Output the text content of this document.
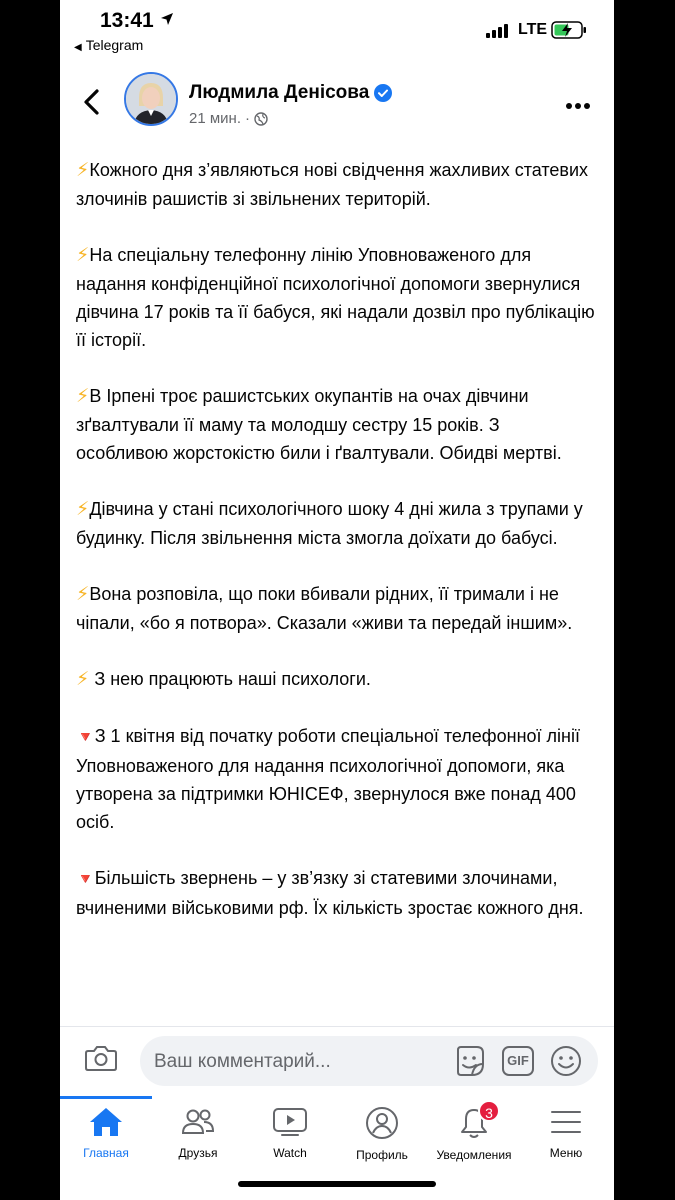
13:41
◀ Telegram
LTE
Людмила Денісова
21 мин. ·

⚡Кожного дня з’являються нові свідчення жахливих статевих злочинів рашистів зі звільнених територій.

⚡На спеціальну телефонну лінію Уповноваженого для надання конфіденційної психологічної допомоги звернулися дівчина 17 років та її бабуся, які надали дозвіл про публікацію її історії.

⚡В Ірпені троє рашистських окупантів на очах дівчини зґвалтували її маму та молодшу сестру 15 років. З особливою жорстокістю били і ґвалтували. Обидві мертві.

⚡Дівчина у стані психологічного шоку 4 дні жила з трупами у будинку. Після звільнення міста змогла доїхати до бабусі.

⚡Вона розповіла, що поки вбивали рідних, її тримали і не чіпали, «бо я потвора». Сказали «живи та передай іншим».

⚡ З нею працюють наші психологи.

🔻З 1 квітня від початку роботи спеціальної телефонної лінії Уповноваженого для надання психологічної допомоги, яка утворена за підтримки ЮНІСЕФ, звернулося вже понад 400 осіб.

🔻Більшість звернень – у зв’язку зі статевими злочинами, вчиненими військовими рф. Їх кількість зростає кожного дня.

Ваш комментарий...	GIF
Главная	Друзья	Watch	Профиль
3
Уведомления	Меню
